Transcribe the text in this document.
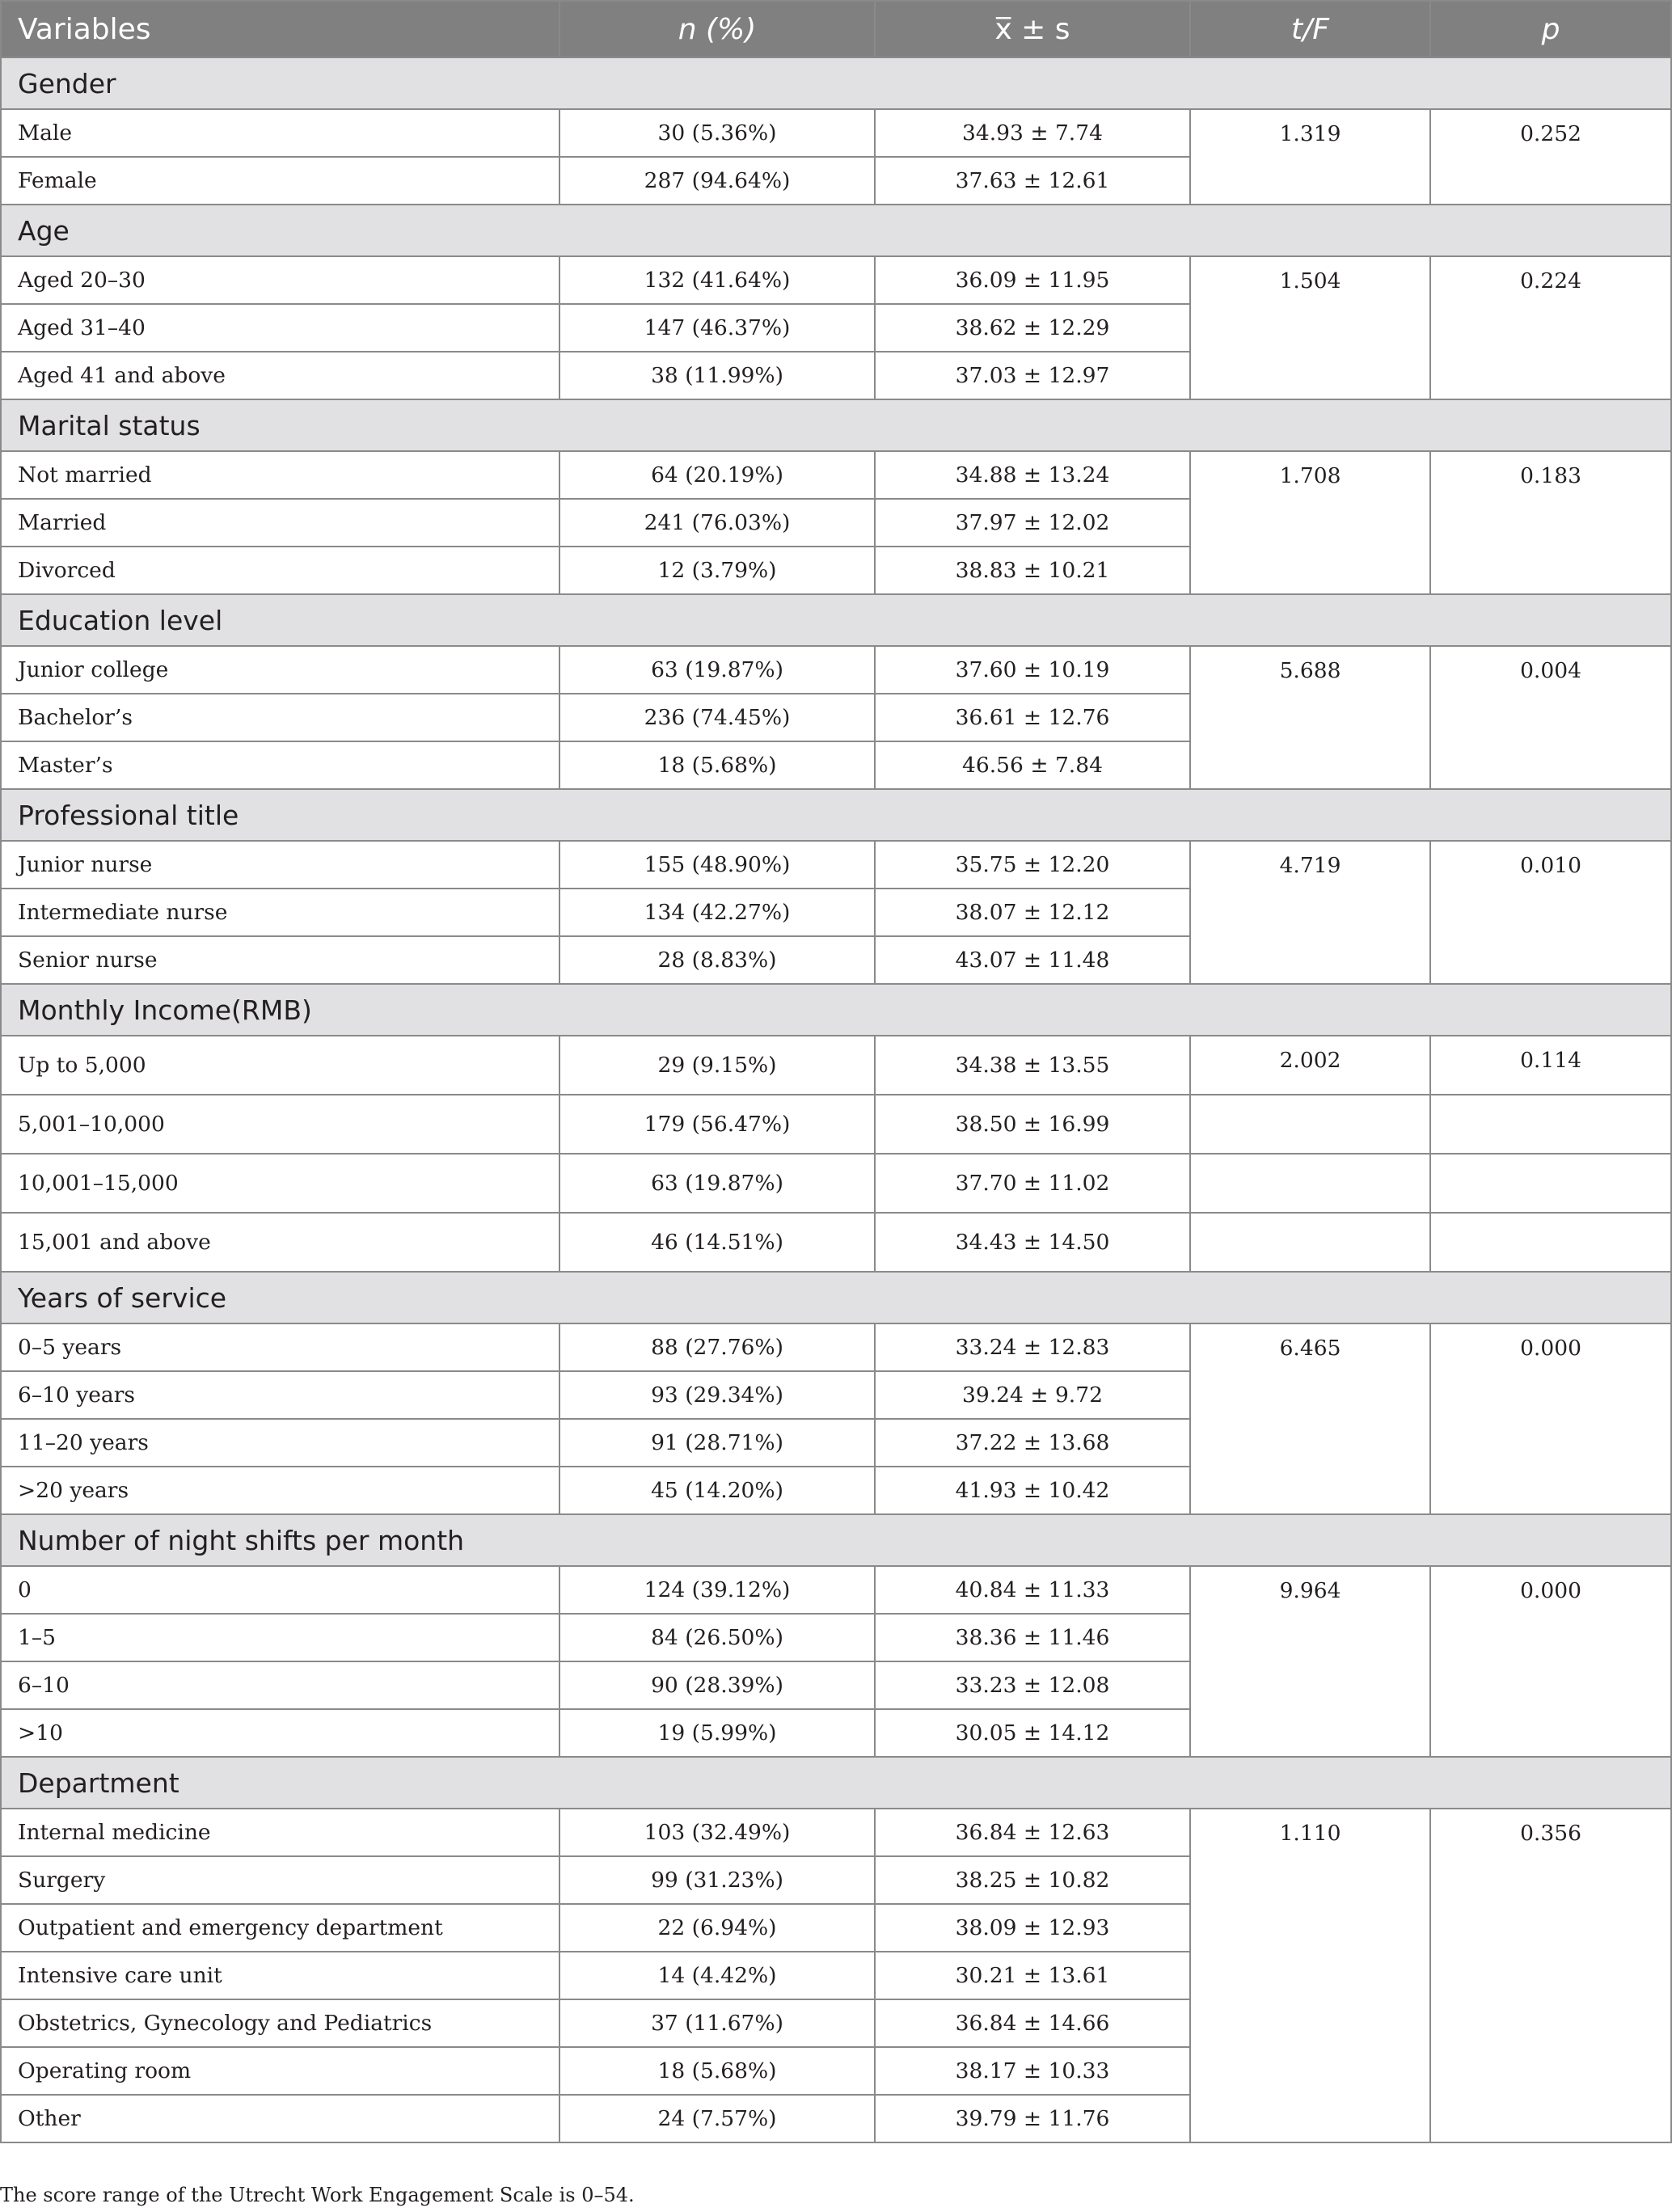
Variables	n (%)	x̅ ± s	t/F	p
Gender				
Male	30 (5.36%)	34.93 ± 7.74	1.319	0.252
Female	287 (94.64%)	37.63 ± 12.61		
Age				
Aged 20–30	132 (41.64%)	36.09 ± 11.95	1.504	0.224
Aged 31–40	147 (46.37%)	38.62 ± 12.29		
Aged 41 and above	38 (11.99%)	37.03 ± 12.97		
Marital status				
Not married	64 (20.19%)	34.88 ± 13.24	1.708	0.183
Married	241 (76.03%)	37.97 ± 12.02		
Divorced	12 (3.79%)	38.83 ± 10.21		
Education level				
Junior college	63 (19.87%)	37.60 ± 10.19	5.688	0.004
Bachelor’s	236 (74.45%)	36.61 ± 12.76		
Master’s	18 (5.68%)	46.56 ± 7.84		
Professional title				
Junior nurse	155 (48.90%)	35.75 ± 12.20	4.719	0.010
Intermediate nurse	134 (42.27%)	38.07 ± 12.12		
Senior nurse	28 (8.83%)	43.07 ± 11.48		
Monthly Income(RMB)				
Up to 5,000	29 (9.15%)	34.38 ± 13.55	2.002	0.114
5,001–10,000	179 (56.47%)	38.50 ± 16.99		
10,001–15,000	63 (19.87%)	37.70 ± 11.02		
15,001 and above	46 (14.51%)	34.43 ± 14.50		
Years of service				
0–5 years	88 (27.76%)	33.24 ± 12.83	6.465	0.000
6–10 years	93 (29.34%)	39.24 ± 9.72		
11–20 years	91 (28.71%)	37.22 ± 13.68		
>20 years	45 (14.20%)	41.93 ± 10.42		
Number of night shifts per month				
0	124 (39.12%)	40.84 ± 11.33	9.964	0.000
1–5	84 (26.50%)	38.36 ± 11.46		
6–10	90 (28.39%)	33.23 ± 12.08		
>10	19 (5.99%)	30.05 ± 14.12		
Department				
Internal medicine	103 (32.49%)	36.84 ± 12.63	1.110	0.356
Surgery	99 (31.23%)	38.25 ± 10.82		
Outpatient and emergency department	22 (6.94%)	38.09 ± 12.93		
Intensive care unit	14 (4.42%)	30.21 ± 13.61		
Obstetrics, Gynecology and Pediatrics	37 (11.67%)	36.84 ± 14.66		
Operating room	18 (5.68%)	38.17 ± 10.33		
Other	24 (7.57%)	39.79 ± 11.76		
The score range of the Utrecht Work Engagement Scale is 0–54.
